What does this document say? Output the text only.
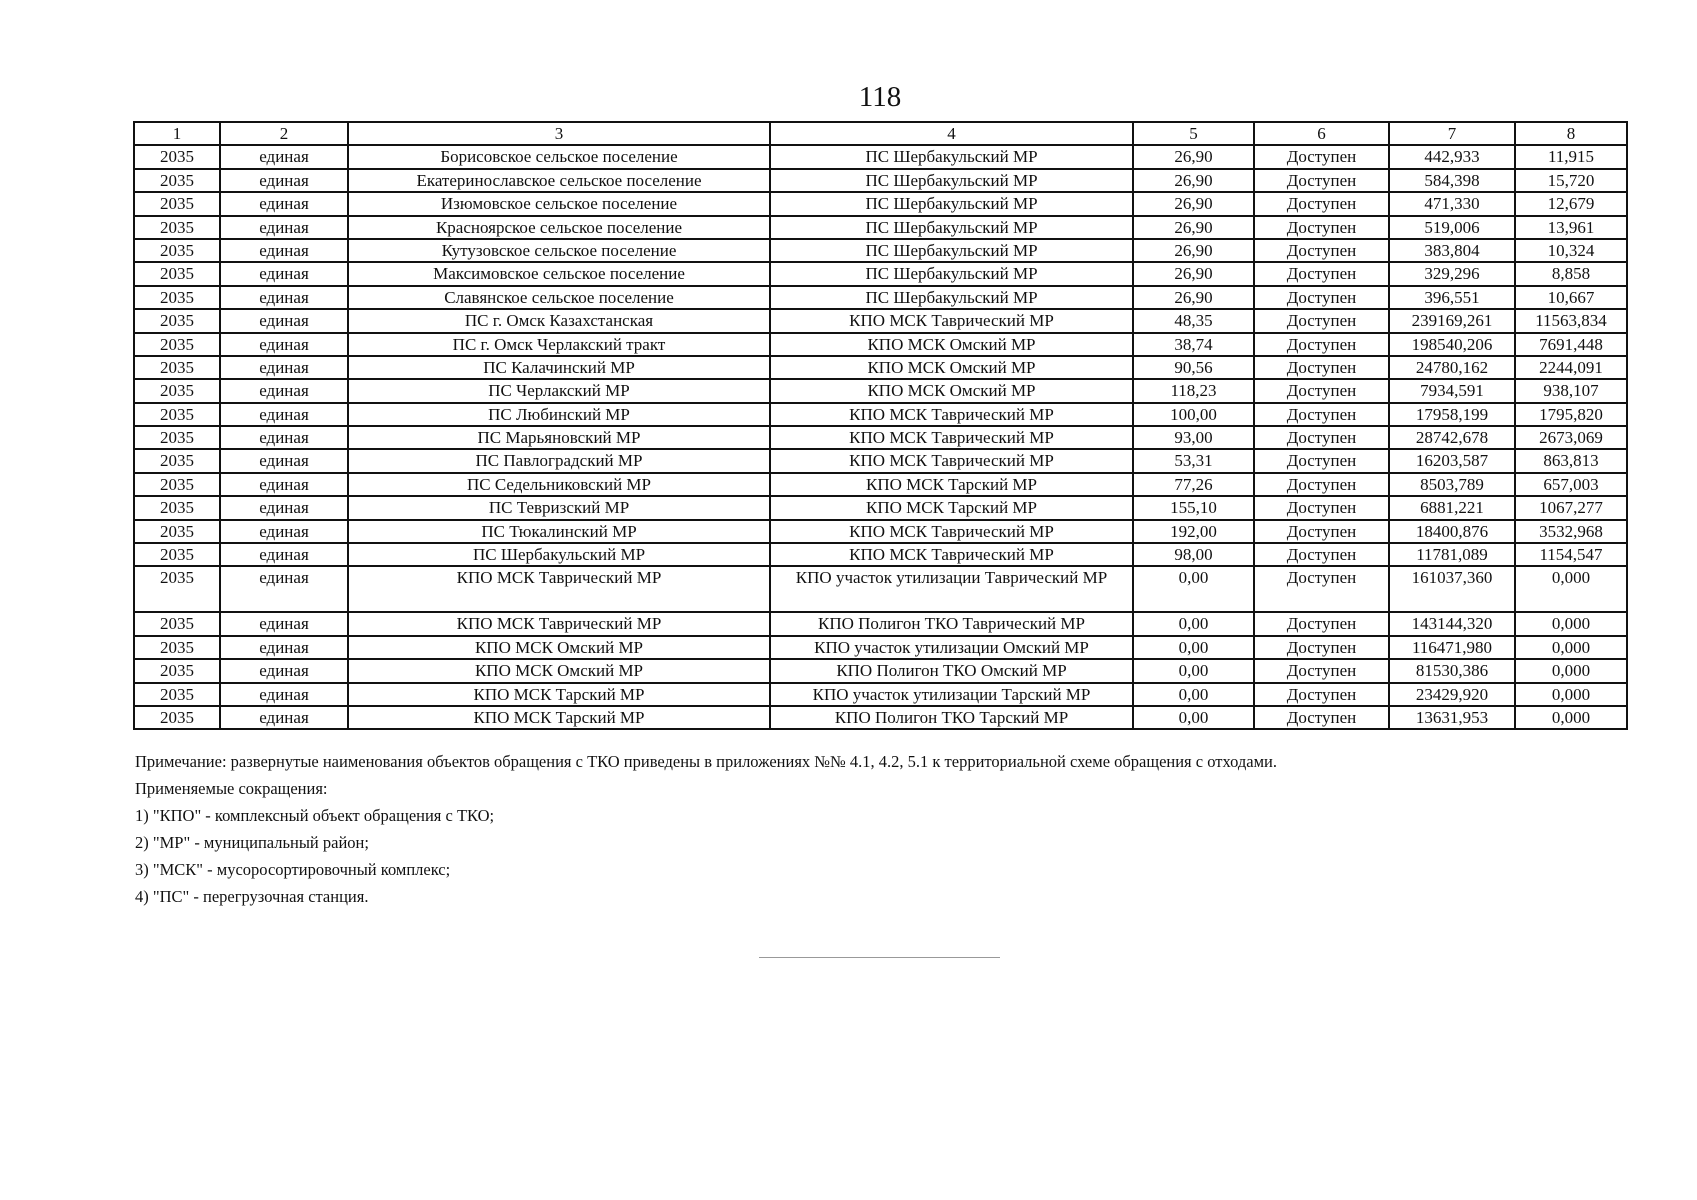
118
1	2	3	4	5	6	7	8
2035	единая	Борисовское сельское поселение	ПС Шербакульский МР	26,90	Доступен	442,933	11,915
2035	единая	Екатеринославское сельское поселение	ПС Шербакульский МР	26,90	Доступен	584,398	15,720
2035	единая	Изюмовское сельское поселение	ПС Шербакульский МР	26,90	Доступен	471,330	12,679
2035	единая	Красноярское сельское поселение	ПС Шербакульский МР	26,90	Доступен	519,006	13,961
2035	единая	Кутузовское сельское поселение	ПС Шербакульский МР	26,90	Доступен	383,804	10,324
2035	единая	Максимовское сельское поселение	ПС Шербакульский МР	26,90	Доступен	329,296	8,858
2035	единая	Славянское сельское поселение	ПС Шербакульский МР	26,90	Доступен	396,551	10,667
2035	единая	ПС г. Омск Казахстанская	КПО МСК Таврический МР	48,35	Доступен	239169,261	11563,834
2035	единая	ПС г. Омск Черлакский тракт	КПО МСК Омский МР	38,74	Доступен	198540,206	7691,448
2035	единая	ПС Калачинский МР	КПО МСК Омский МР	90,56	Доступен	24780,162	2244,091
2035	единая	ПС Черлакский МР	КПО МСК Омский МР	118,23	Доступен	7934,591	938,107
2035	единая	ПС Любинский МР	КПО МСК Таврический МР	100,00	Доступен	17958,199	1795,820
2035	единая	ПС Марьяновский МР	КПО МСК Таврический МР	93,00	Доступен	28742,678	2673,069
2035	единая	ПС Павлоградский МР	КПО МСК Таврический МР	53,31	Доступен	16203,587	863,813
2035	единая	ПС Седельниковский МР	КПО МСК Тарский МР	77,26	Доступен	8503,789	657,003
2035	единая	ПС Тевризский МР	КПО МСК Тарский МР	155,10	Доступен	6881,221	1067,277
2035	единая	ПС Тюкалинский МР	КПО МСК Таврический МР	192,00	Доступен	18400,876	3532,968
2035	единая	ПС Шербакульский МР	КПО МСК Таврический МР	98,00	Доступен	11781,089	1154,547
2035	единая	КПО МСК Таврический МР	КПО участок утилизации Таврический МР	0,00	Доступен	161037,360	0,000
2035	единая	КПО МСК Таврический МР	КПО Полигон ТКО Таврический МР	0,00	Доступен	143144,320	0,000
2035	единая	КПО МСК Омский МР	КПО участок утилизации Омский МР	0,00	Доступен	116471,980	0,000
2035	единая	КПО МСК Омский МР	КПО Полигон ТКО Омский МР	0,00	Доступен	81530,386	0,000
2035	единая	КПО МСК Тарский МР	КПО участок утилизации Тарский МР	0,00	Доступен	23429,920	0,000
2035	единая	КПО МСК Тарский МР	КПО Полигон ТКО Тарский МР	0,00	Доступен	13631,953	0,000

Примечание: развернутые наименования объектов обращения с ТКО приведены в приложениях №№ 4.1, 4.2, 5.1 к территориальной схеме обращения с отходами.

Применяемые сокращения:

1) "КПО" - комплексный объект обращения с ТКО;

2) "МР" - муниципальный район;

3) "МСК" - мусоросортировочный комплекс;

4) "ПС" - перегрузочная станция.
